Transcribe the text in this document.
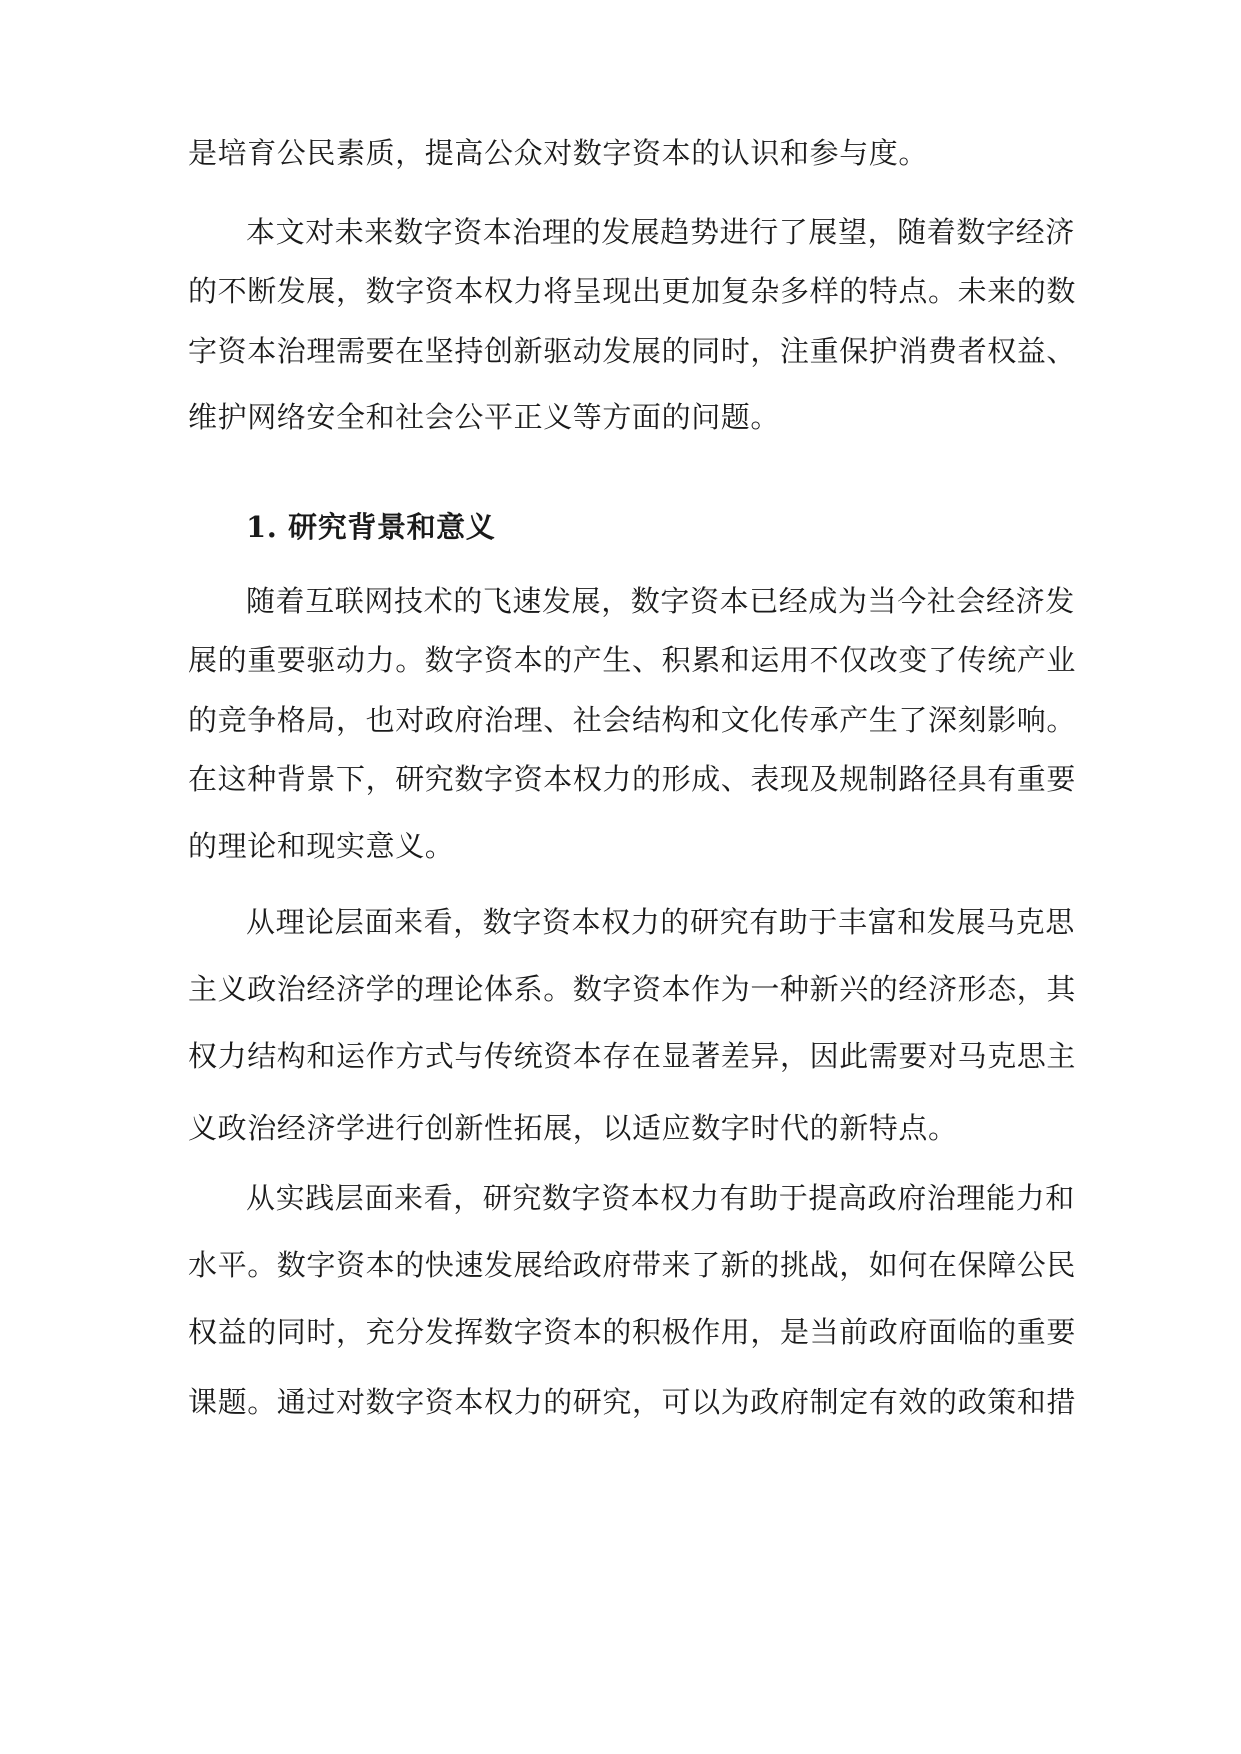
是培育公民素质，提高公众对数字资本的认识和参与度。
本文对未来数字资本治理的发展趋势进行了展望，随着数字经济
的不断发展，数字资本权力将呈现出更加复杂多样的特点。未来的数
字资本治理需要在坚持创新驱动发展的同时，注重保护消费者权益、
维护网络安全和社会公平正义等方面的问题。
1. 研究背景和意义
随着互联网技术的飞速发展，数字资本已经成为当今社会经济发
展的重要驱动力。数字资本的产生、积累和运用不仅改变了传统产业
的竞争格局，也对政府治理、社会结构和文化传承产生了深刻影响。
在这种背景下，研究数字资本权力的形成、表现及规制路径具有重要
的理论和现实意义。
从理论层面来看，数字资本权力的研究有助于丰富和发展马克思
主义政治经济学的理论体系。数字资本作为一种新兴的经济形态，其
权力结构和运作方式与传统资本存在显著差异，因此需要对马克思主
义政治经济学进行创新性拓展，以适应数字时代的新特点。
从实践层面来看，研究数字资本权力有助于提高政府治理能力和
水平。数字资本的快速发展给政府带来了新的挑战，如何在保障公民
权益的同时，充分发挥数字资本的积极作用，是当前政府面临的重要
课题。通过对数字资本权力的研究，可以为政府制定有效的政策和措
